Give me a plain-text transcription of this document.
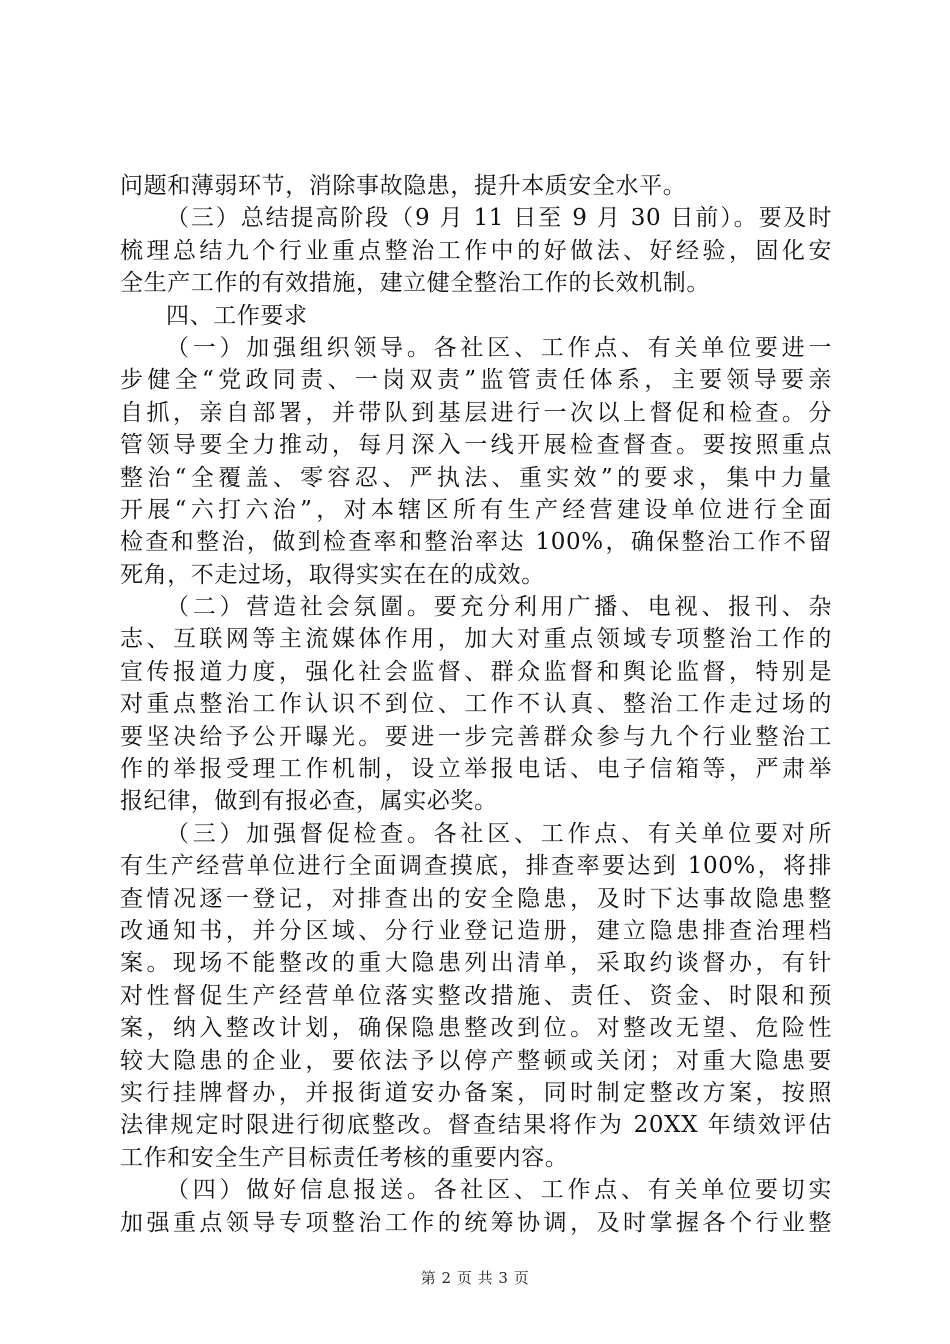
问题和薄弱环节，消除事故隐患，提升本质安全水平。
（三）总结提高阶段（9 月 11 日至 9 月 30 日前）。要及时
梳理总结九个行业重点整治工作中的好做法、好经验，固化安
全生产工作的有效措施，建立健全整治工作的长效机制。
四、工作要求
（一）加强组织领导。各社区、工作点、有关单位要进一
步健全“党政同责、一岗双责”监管责任体系，主要领导要亲
自抓，亲自部署，并带队到基层进行一次以上督促和检查。分
管领导要全力推动，每月深入一线开展检查督查。要按照重点
整治“全覆盖、零容忍、严执法、重实效”的要求，集中力量
开展“六打六治”，对本辖区所有生产经营建设单位进行全面
检查和整治，做到检查率和整治率达 100%，确保整治工作不留
死角，不走过场，取得实实在在的成效。
（二）营造社会氛圍。要充分利用广播、电视、报刊、杂
志、互联网等主流媒体作用，加大对重点领域专项整治工作的
宣传报道力度，强化社会监督、群众监督和舆论监督，特别是
对重点整治工作认识不到位、工作不认真、整治工作走过场的
要坚决给予公开曝光。要进一步完善群众参与九个行业整治工
作的举报受理工作机制，设立举报电话、电子信箱等，严肃举
报纪律，做到有报必查，属实必奖。
（三）加强督促检查。各社区、工作点、有关单位要对所
有生产经营单位进行全面调查摸底，排查率要达到 100%，将排
查情况逐一登记，对排查出的安全隐患，及时下达事故隐患整
改通知书，并分区域、分行业登记造册，建立隐患排查治理档
案。现场不能整改的重大隐患列出清单，采取约谈督办，有针
对性督促生产经营单位落实整改措施、责任、资金、时限和预
案，纳入整改计划，确保隐患整改到位。对整改无望、危险性
较大隐患的企业，要依法予以停产整顿或关闭；对重大隐患要
实行挂牌督办，并报街道安办备案，同时制定整改方案，按照
法律规定时限进行彻底整改。督查结果将作为 20XX 年绩效评估
工作和安全生产目标责任考核的重要内容。
（四）做好信息报送。各社区、工作点、有关单位要切实
加强重点领导专项整治工作的统筹协调，及时掌握各个行业整
第 2 页 共 3 页
